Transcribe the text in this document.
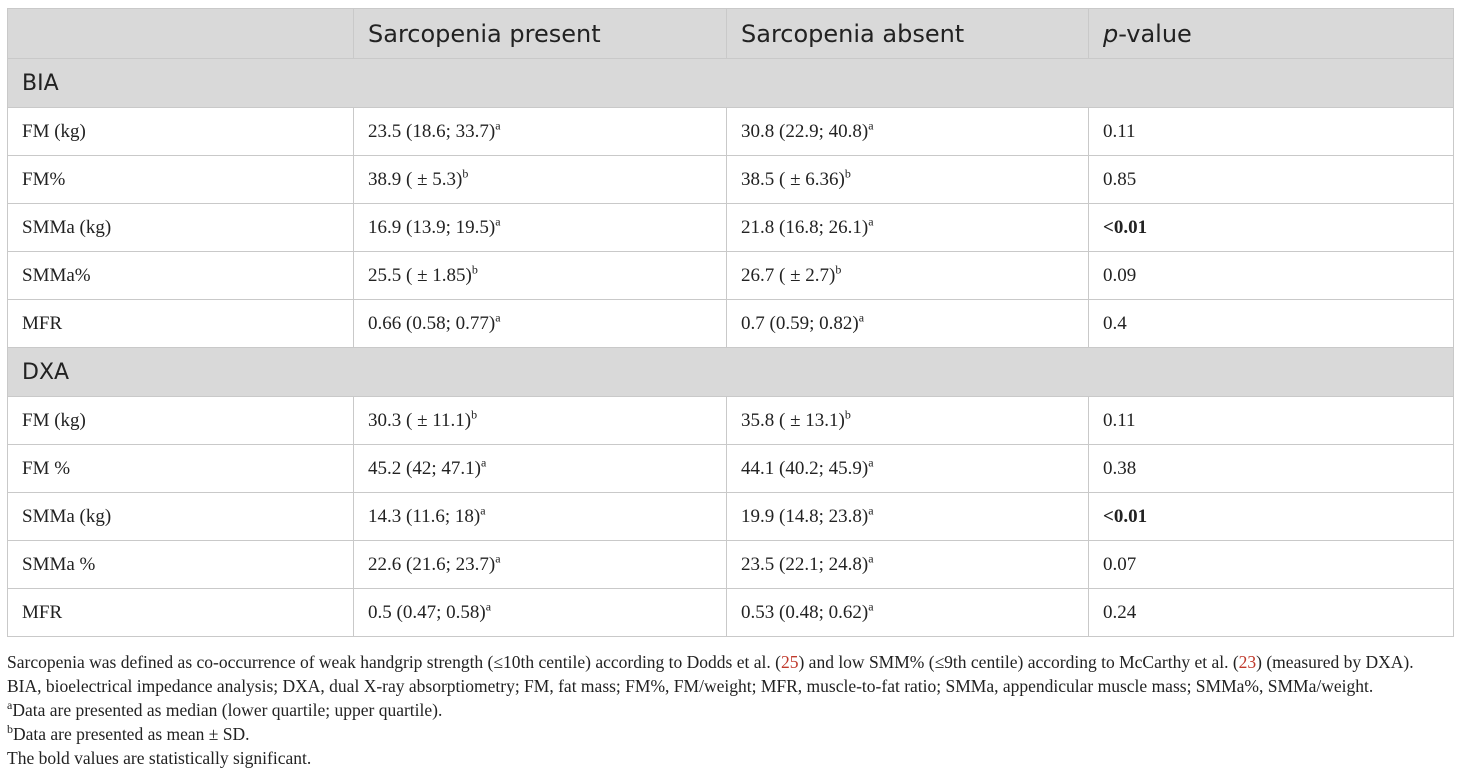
	Sarcopenia present	Sarcopenia absent	p-value
BIA			
FM (kg)	23.5 (18.6; 33.7)$^a$	30.8 (22.9; 40.8)$^a$	0.11
FM%	38.9 ( ± 5.3)$^b$	38.5 ( ± 6.36)$^b$	0.85
SMMa (kg)	16.9 (13.9; 19.5)$^a$	21.8 (16.8; 26.1)$^a$	<0.01
SMMa%	25.5 ( ± 1.85)$^b$	26.7 ( ± 2.7)$^b$	0.09
MFR	0.66 (0.58; 0.77)$^a$	0.7 (0.59; 0.82)$^a$	0.4
DXA			
FM (kg)	30.3 ( ± 11.1)$^b$	35.8 ( ± 13.1)$^b$	0.11
FM %	45.2 (42; 47.1)$^a$	44.1 (40.2; 45.9)$^a$	0.38
SMMa (kg)	14.3 (11.6; 18)$^a$	19.9 (14.8; 23.8)$^a$	<0.01
SMMa %	22.6 (21.6; 23.7)$^a$	23.5 (22.1; 24.8)$^a$	0.07
MFR	0.5 (0.47; 0.58)$^a$	0.53 (0.48; 0.62)$^a$	0.24

Sarcopenia was defined as co-occurrence of weak handgrip strength (≤10th centile) according to Dodds et al. (25) and low SMM% (≤9th centile) according to McCarthy et al. (23) (measured by DXA).

BIA, bioelectrical impedance analysis; DXA, dual X-ray absorptiometry; FM, fat mass; FM%, FM/weight; MFR, muscle-to-fat ratio; SMMa, appendicular muscle mass; SMMa%, SMMa/weight.

$^a$Data are presented as median (lower quartile; upper quartile).

$^b$Data are presented as mean ± SD.

The bold values are statistically significant.
